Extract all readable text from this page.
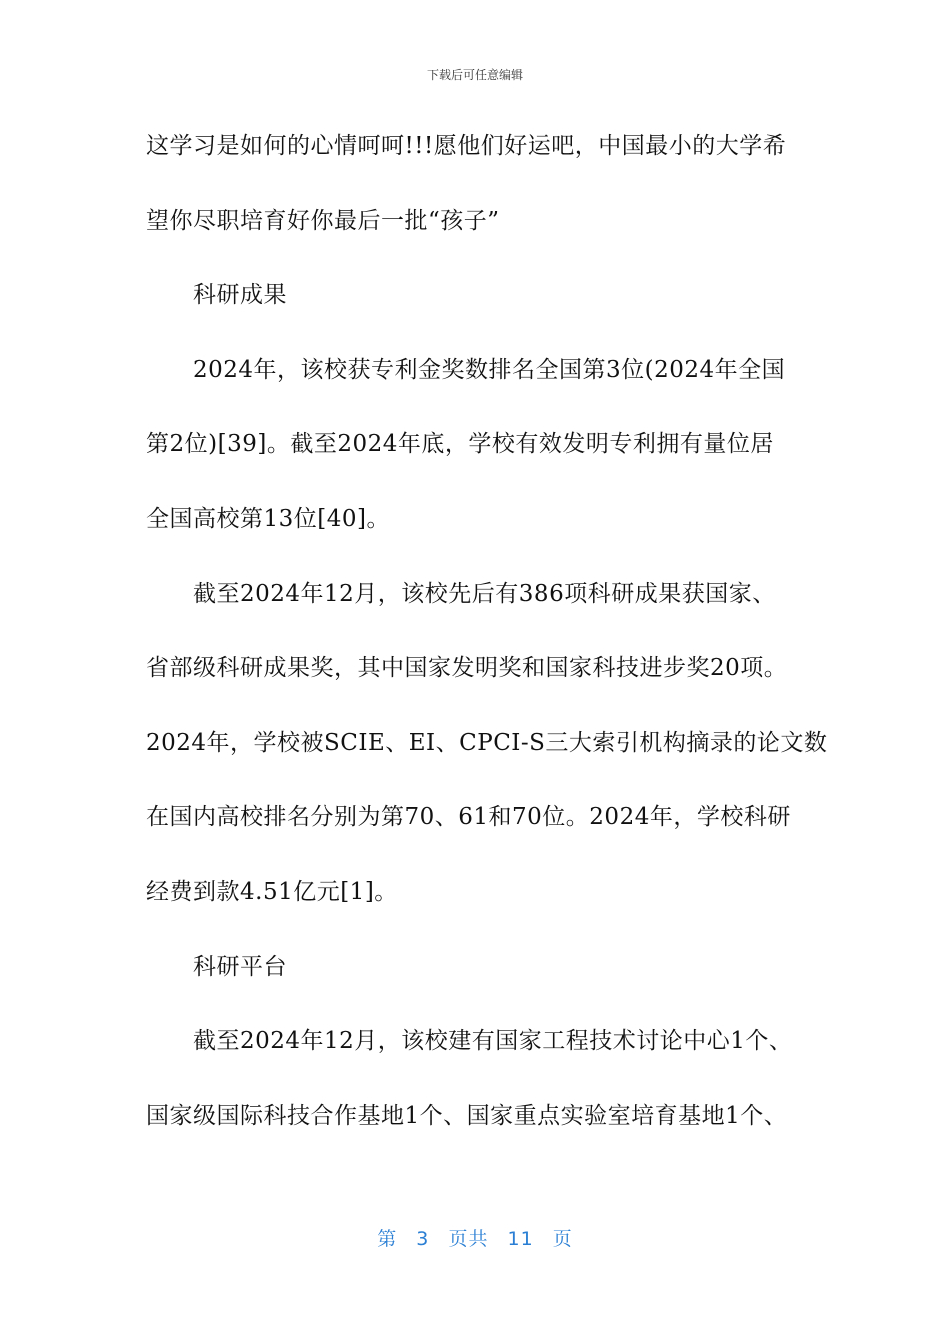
下载后可任意编辑
这学习是如何的心情呵呵!!!愿他们好运吧，中国最小的大学希
望你尽职培育好你最后一批“孩子”
科研成果
2024年，该校获专利金奖数排名全国第3位(2024年全国
第2位)[39]。截至2024年底，学校有效发明专利拥有量位居
全国高校第13位[40]。
截至2024年12月，该校先后有386项科研成果获国家、
省部级科研成果奖，其中国家发明奖和国家科技进步奖20项。
2024年，学校被SCIE、EI、CPCI-S三大索引机构摘录的论文数
在国内高校排名分别为第70、61和70位。2024年，学校科研
经费到款4.51亿元[1]。
科研平台
截至2024年12月，该校建有国家工程技术讨论中心1个、
国家级国际科技合作基地1个、国家重点实验室培育基地1个、
第 3 页共 11 页
